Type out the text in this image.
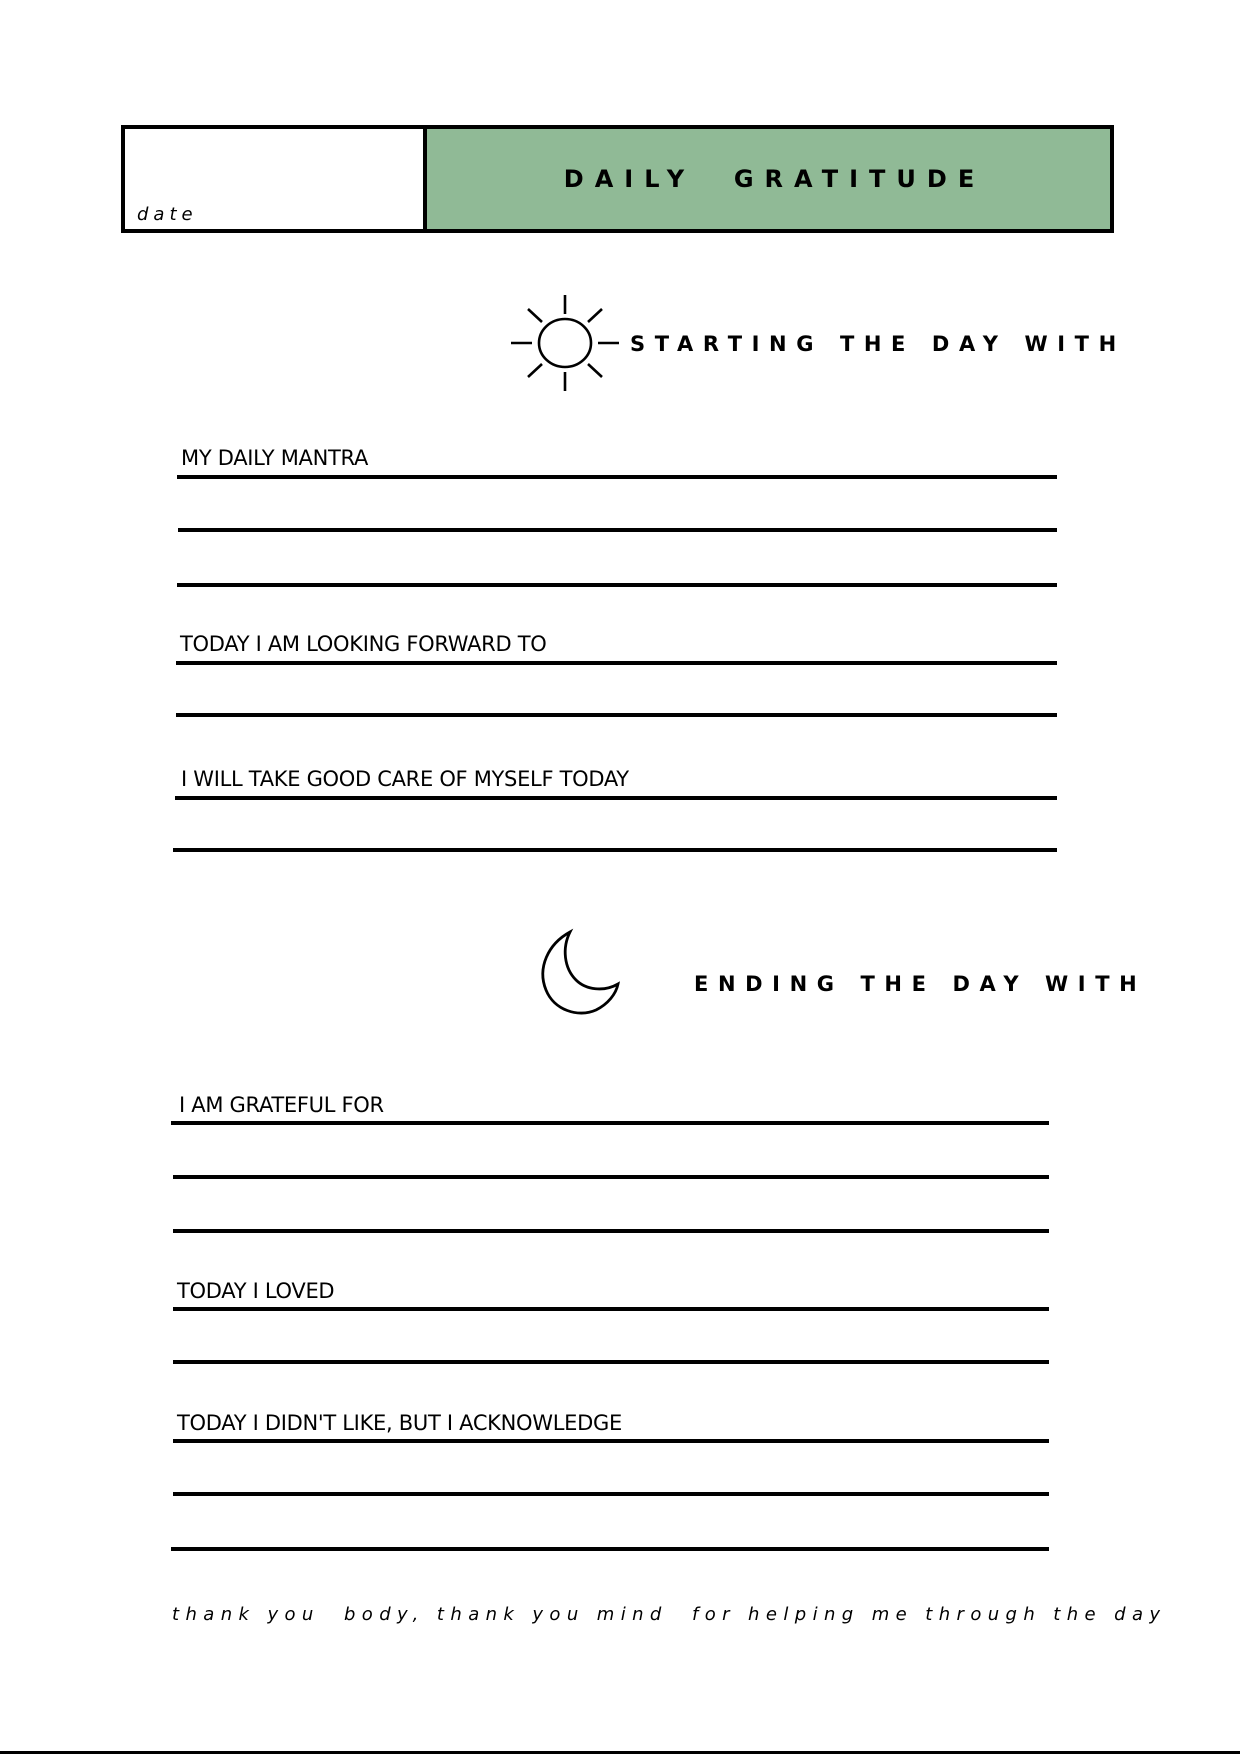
date
DAILY  GRATITUDE
STARTING THE DAY WITH
MY DAILY MANTRA
TODAY I AM LOOKING FORWARD TO
I WILL TAKE GOOD CARE OF MYSELF TODAY
ENDING THE DAY WITH
I AM GRATEFUL FOR
TODAY I LOVED
TODAY I DIDN'T LIKE, BUT I ACKNOWLEDGE
thank you  body, thank you mind  for helping me through the day
